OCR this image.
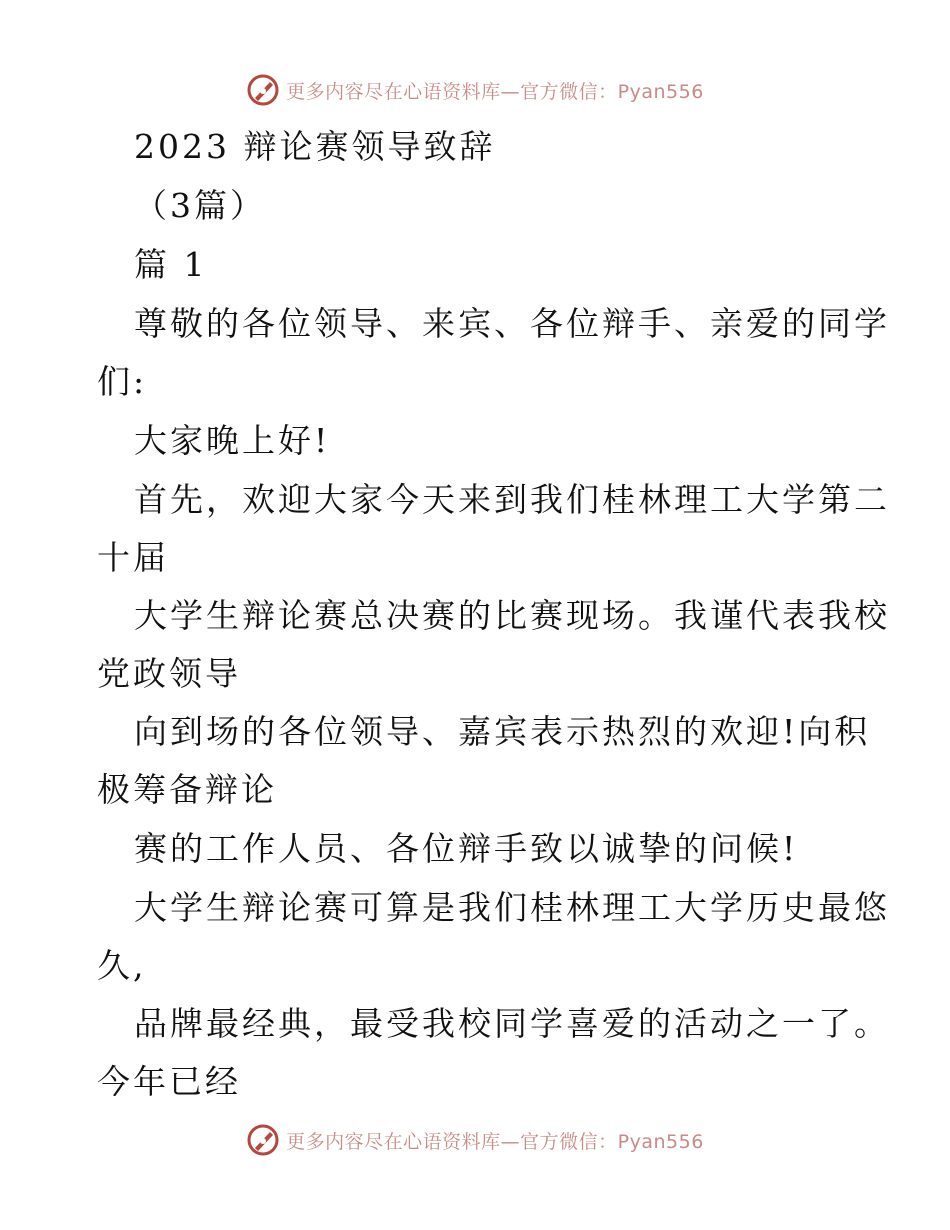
更多内容尽在心语资料库—官方微信：Pyan556
2023 辩论赛领导致辞
（3篇）
篇 1
尊敬的各位领导、来宾、各位辩手、亲爱的同学
们:
大家晚上好!
首先，欢迎大家今天来到我们桂林理工大学第二
十届
大学生辩论赛总决赛的比赛现场。我谨代表我校
党政领导
向到场的各位领导、嘉宾表示热烈的欢迎!向积
极筹备辩论
赛的工作人员、各位辩手致以诚挚的问候!
大学生辩论赛可算是我们桂林理工大学历史最悠
久,
品牌最经典，最受我校同学喜爱的活动之一了。
今年已经
更多内容尽在心语资料库—官方微信：Pyan556
